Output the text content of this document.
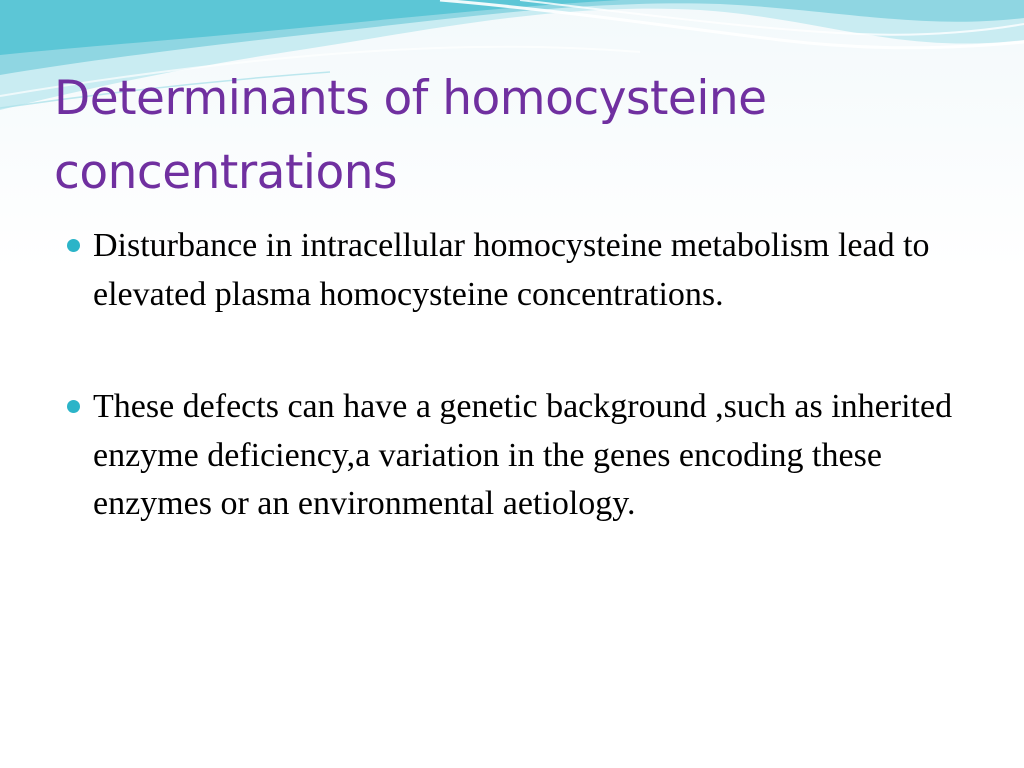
Determinants of homocysteine concentrations
Disturbance in intracellular homocysteine metabolism lead to elevated plasma homocysteine concentrations.
These defects can have a genetic background ,such as inherited enzyme deficiency,a variation in the genes encoding these enzymes or an environmental aetiology.
